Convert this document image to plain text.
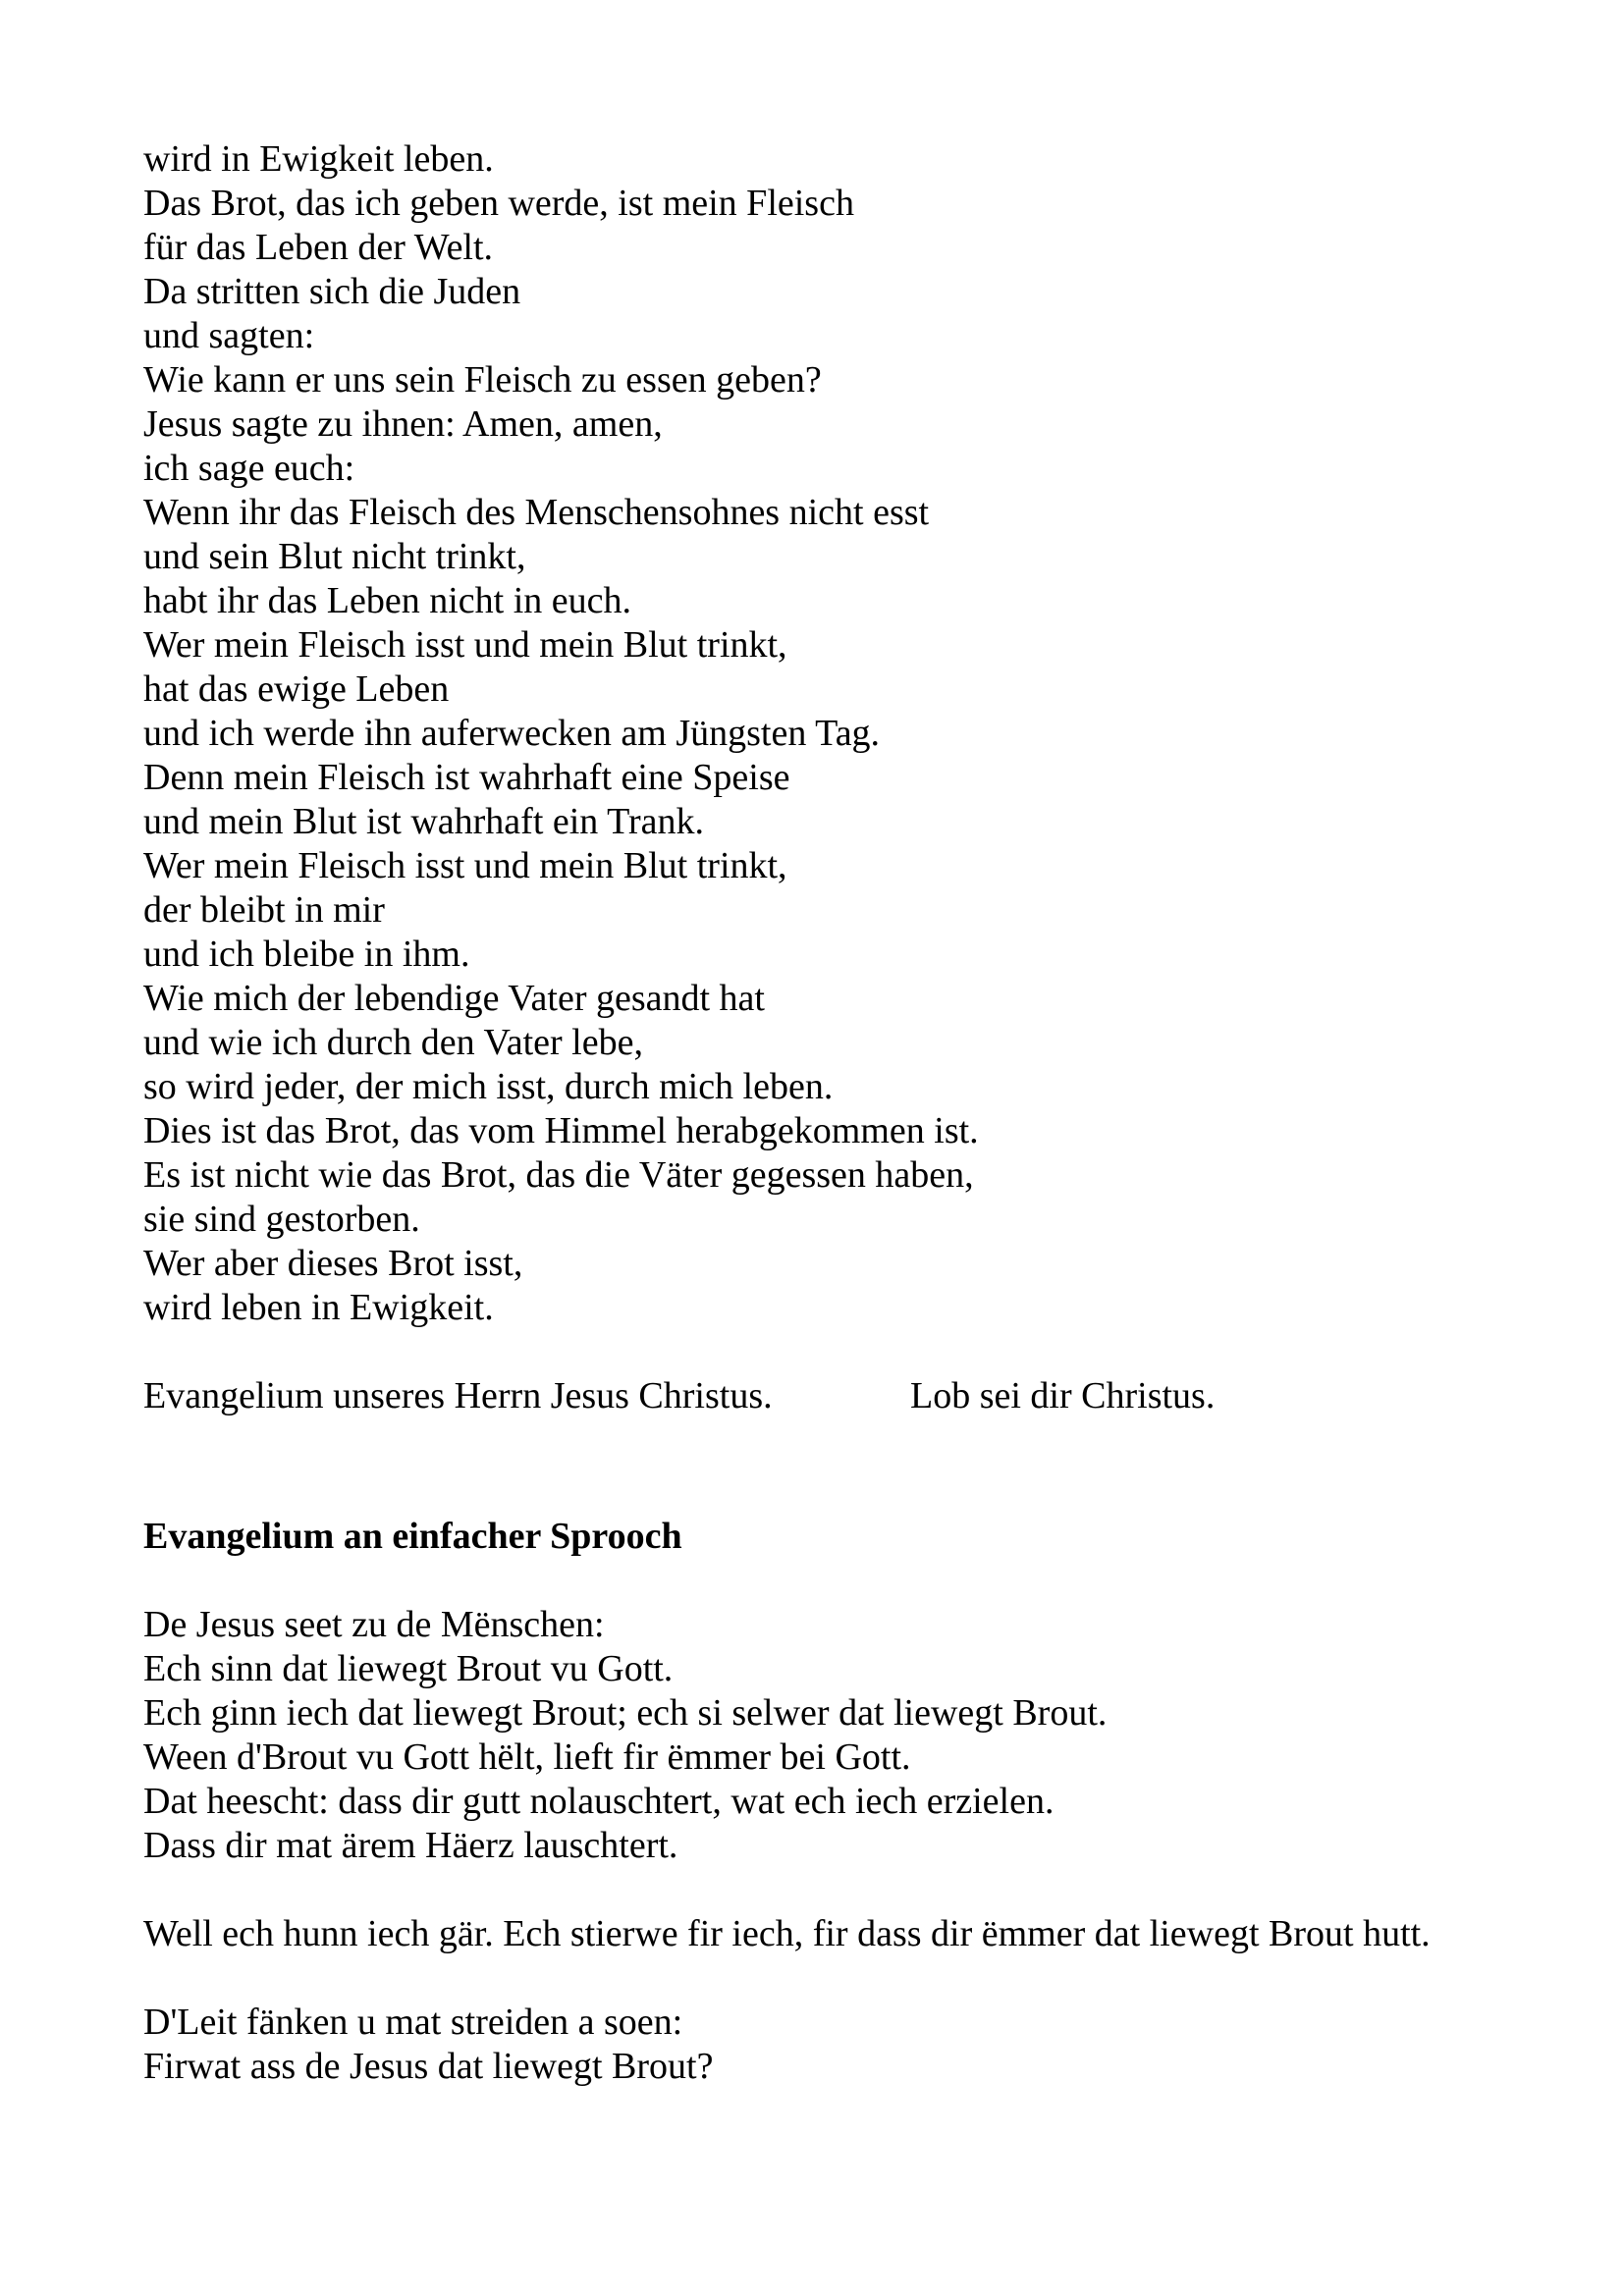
wird in Ewigkeit leben.
Das Brot, das ich geben werde, ist mein Fleisch
für das Leben der Welt.
Da stritten sich die Juden
und sagten:
Wie kann er uns sein Fleisch zu essen geben?
Jesus sagte zu ihnen: Amen, amen,
ich sage euch:
Wenn ihr das Fleisch des Menschensohnes nicht esst
und sein Blut nicht trinkt,
habt ihr das Leben nicht in euch.
Wer mein Fleisch isst und mein Blut trinkt,
hat das ewige Leben
und ich werde ihn auferwecken am Jüngsten Tag.
Denn mein Fleisch ist wahrhaft eine Speise
und mein Blut ist wahrhaft ein Trank.
Wer mein Fleisch isst und mein Blut trinkt,
der bleibt in mir
und ich bleibe in ihm.
Wie mich der lebendige Vater gesandt hat
und wie ich durch den Vater lebe,
so wird jeder, der mich isst, durch mich leben.
Dies ist das Brot, das vom Himmel herabgekommen ist.
Es ist nicht wie das Brot, das die Väter gegessen haben,
sie sind gestorben.
Wer aber dieses Brot isst,
wird leben in Ewigkeit.
Evangelium unseres Herrn Jesus Christus.	Lob sei dir Christus.
Evangelium an einfacher Sprooch
De Jesus seet zu de Mënschen:
Ech sinn dat liewegt Brout vu Gott.
Ech ginn iech dat liewegt Brout; ech si selwer dat liewegt Brout.
Ween d'Brout vu Gott hëlt, lieft fir ëmmer bei Gott.
Dat heescht: dass dir gutt nolauschtert, wat ech iech erzielen.
Dass dir mat ärem Häerz lauschtert.
Well ech hunn iech gär. Ech stierwe fir iech, fir dass dir ëmmer dat liewegt Brout hutt.
D'Leit fänken u mat streiden a soen:
Firwat ass de Jesus dat liewegt Brout?
